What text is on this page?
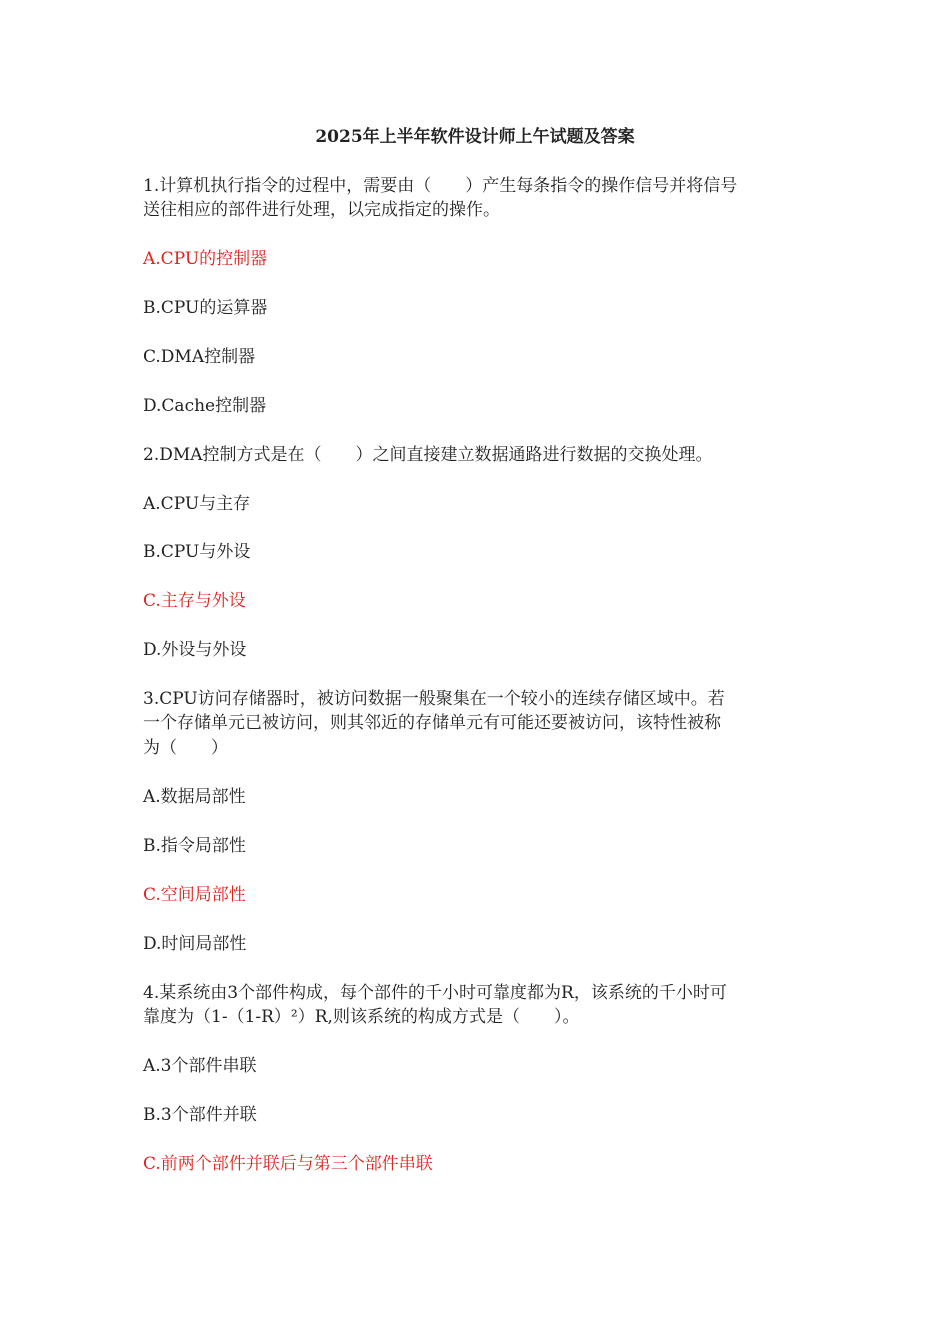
2025年上半年软件设计师上午试题及答案
1.计算机执行指令的过程中，需要由（　　）产生每条指令的操作信号并将信号
送往相应的部件进行处理，以完成指定的操作。
A.CPU的控制器
B.CPU的运算器
C.DMA控制器
D.Cache控制器
2.DMA控制方式是在（　　）之间直接建立数据通路进行数据的交换处理。
A.CPU与主存
B.CPU与外设
C.主存与外设
D.外设与外设
3.CPU访问存储器时，被访问数据一般聚集在一个较小的连续存储区域中。若
一个存储单元已被访问，则其邻近的存储单元有可能还要被访问，该特性被称
为（　　）
A.数据局部性
B.指令局部性
C.空间局部性
D.时间局部性
4.某系统由3个部件构成，每个部件的千小时可靠度都为R，该系统的千小时可
靠度为（1-（1-R）²）R,则该系统的构成方式是（　　）。
A.3个部件串联
B.3个部件并联
C.前两个部件并联后与第三个部件串联
